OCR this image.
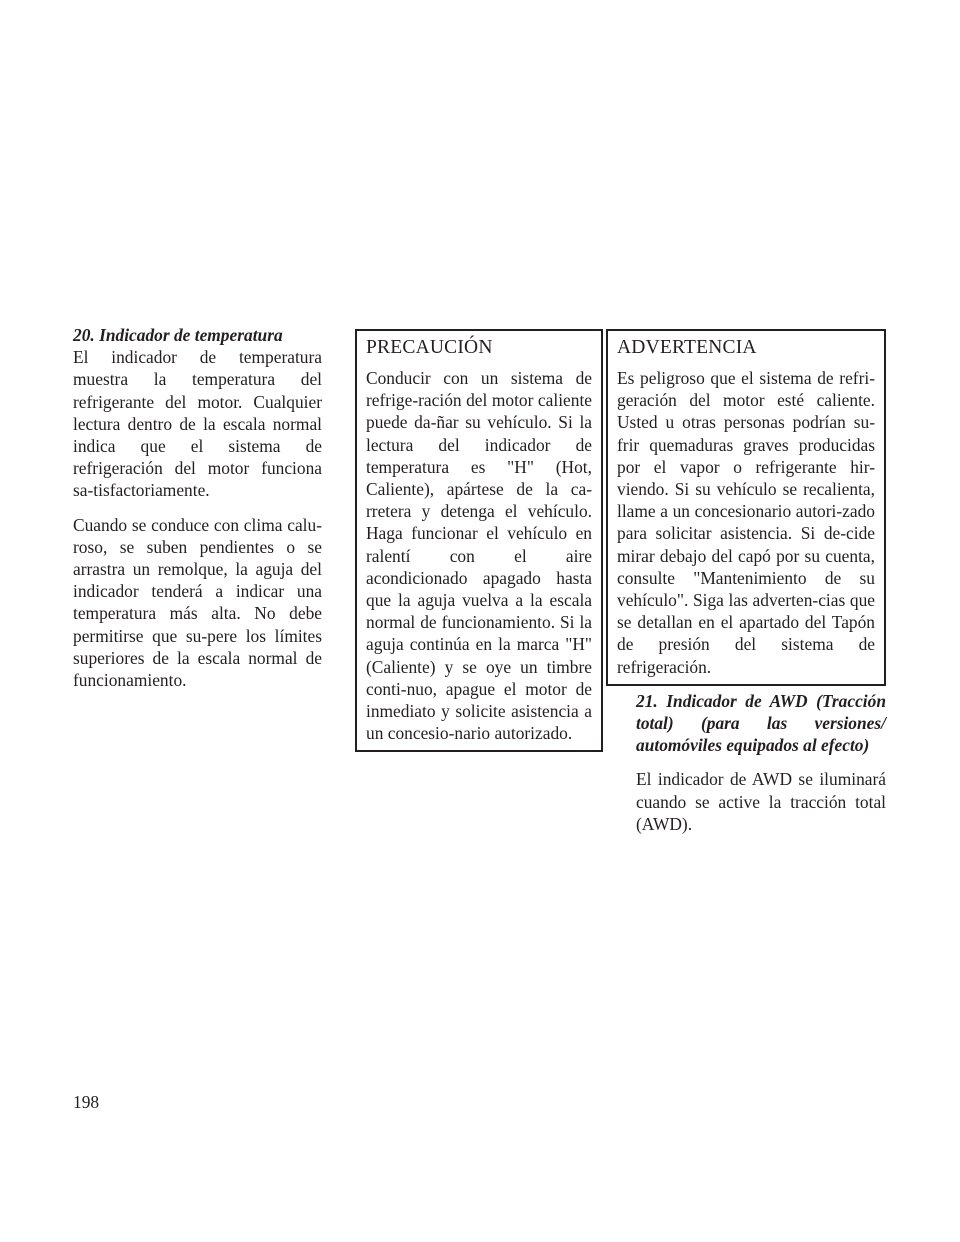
20. Indicador de temperatura

El indicador de temperatura muestra la temperatura del refrigerante del motor. Cualquier lectura dentro de la escala normal indica que el sistema de refrigeración del motor funciona sa-tisfactoriamente.

Cuando se conduce con clima calu-roso, se suben pendientes o se arrastra un remolque, la aguja del indicador tenderá a indicar una temperatura más alta. No debe permitirse que su-pere los límites superiores de la escala normal de funcionamiento.

PRECAUCIÓN

Conducir con un sistema de refrige-ración del motor caliente puede da-ñar su vehículo. Si la lectura del indicador de temperatura es "H" (Hot, Caliente), apártese de la ca-rretera y detenga el vehículo. Haga funcionar el vehículo en ralentí con el aire acondicionado apagado hasta que la aguja vuelva a la escala normal de funcionamiento. Si la aguja continúa en la marca "H" (Caliente) y se oye un timbre conti-nuo, apague el motor de inmediato y solicite asistencia a un concesio-nario autorizado.

ADVERTENCIA

Es peligroso que el sistema de refri-geración del motor esté caliente. Usted u otras personas podrían su-frir quemaduras graves producidas por el vapor o refrigerante hir-viendo. Si su vehículo se recalienta, llame a un concesionario autori-zado para solicitar asistencia. Si de-cide mirar debajo del capó por su cuenta, consulte "Mantenimiento de su vehículo". Siga las adverten-cias que se detallan en el apartado del Tapón de presión del sistema de refrigeración.

21. Indicador de AWD (Tracción total) (para las versiones/ automóviles equipados al efecto)

El indicador de AWD se iluminará cuando se active la tracción total (AWD).

198
